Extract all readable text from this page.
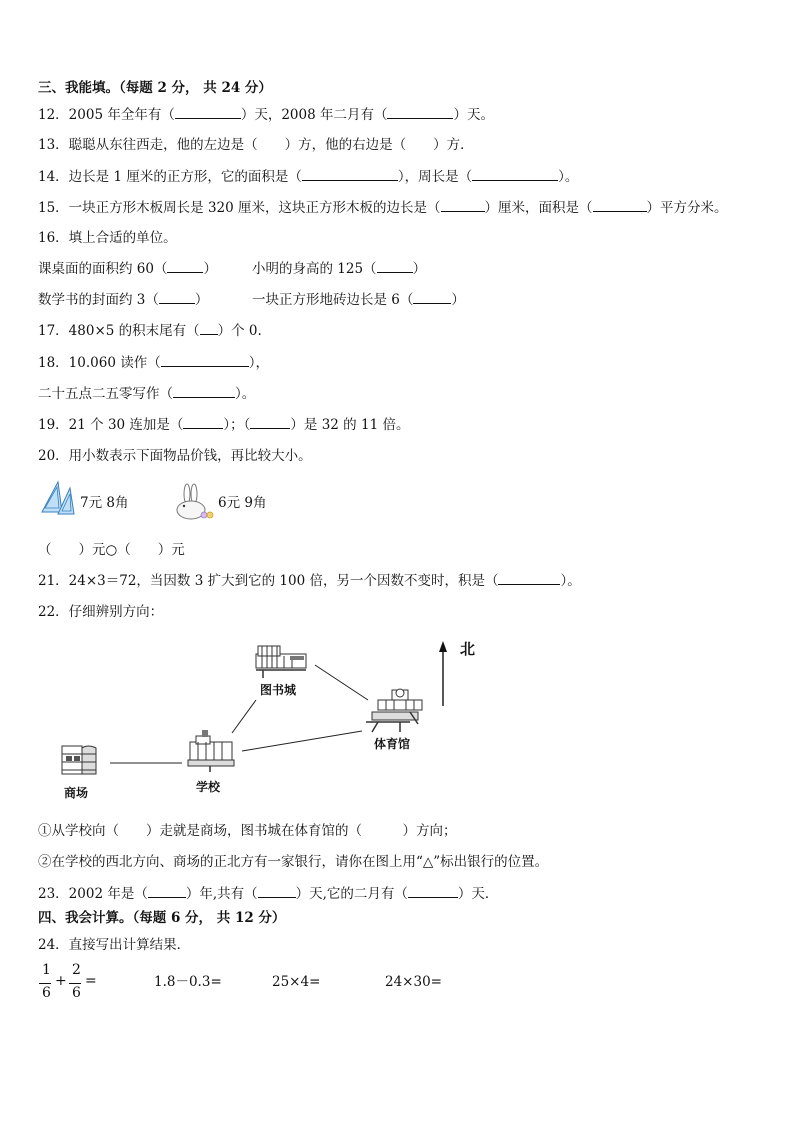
三、我能填。（每题 2 分， 共 24 分）
12．2005 年全年有（	）天，2008 年二月有（	）天。
13．聪聪从东往西走，他的左边是（　　）方，他的右边是（　　）方．
14．边长是 1 厘米的正方形，它的面积是（	），周长是（	）。
15．一块正方形木板周长是 320 厘米，这块正方形木板的边长是（	）厘米，面积是（	）平方分米。
16．填上合适的单位。
课桌面的面积约 60（	）	小明的身高的 125（	）
数学书的封面约 3（	）	一块正方形地砖边长是 6（	）
17．480×5 的积末尾有（ ）个 0.
18．10.060 读作（	），
二十五点二五零写作（	）。
19．21 个 30 连加是（	）；（	）是 32 的 11 倍。
20．用小数表示下面物品价钱，再比较大小。
7元 8角	6元 9角
（　　）元○（　　）元
21．24×3＝72，当因数 3 扩大到它的 100 倍，另一个因数不变时，积是（	）。
22．仔细辨别方向：
北
图书城
体育馆
学校
商场
①从学校向（　　）走就是商场，图书城在体育馆的（　　　）方向；
②在学校的西北方向、商场的正北方有一家银行，请你在图上用“△”标出银行的位置。
23．2002 年是（	）年,共有（	）天,它的二月有（	）天．
四、我会计算。（每题 6 分， 共 12 分）
24．直接写出计算结果．
1
6
+
2
6
=	1.8－0.3=	25×4=	24×30=
